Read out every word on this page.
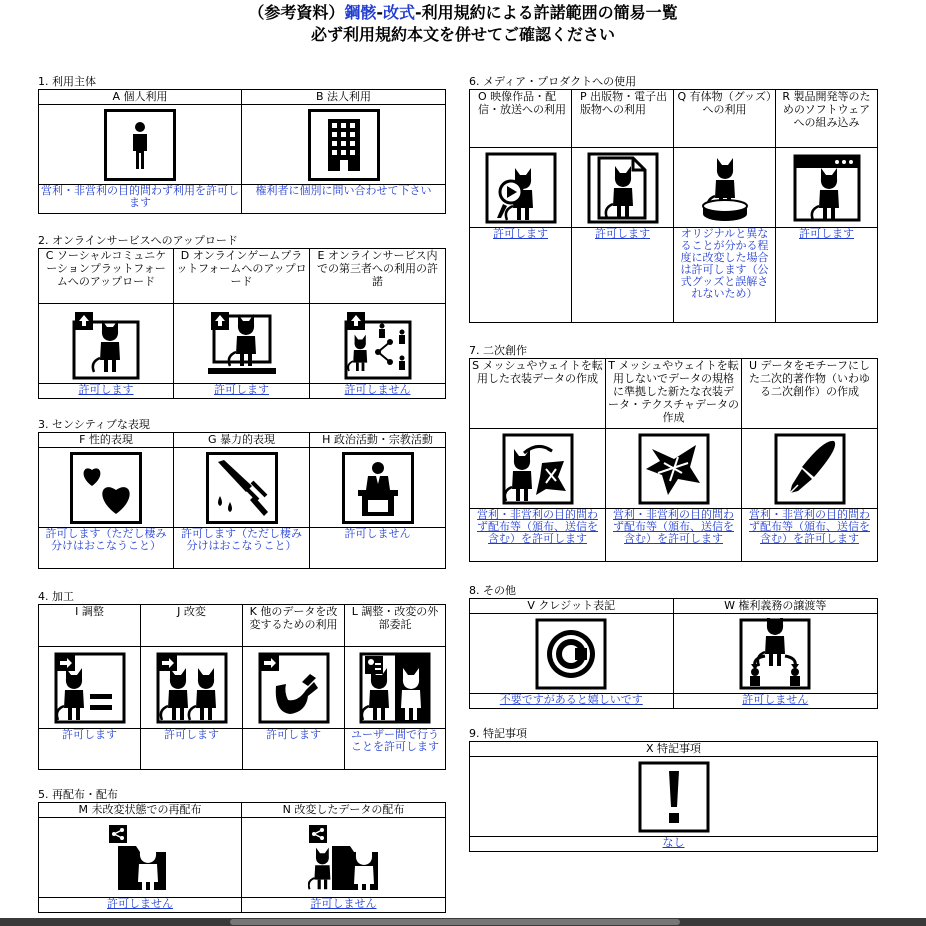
（参考資料）鋼骸-改式-利用規約による許諾範囲の簡易一覧
必ず利用規約本文を併せてご確認ください
1. 利用主体
A 個人利用
営利・非営利の目的問わず利用を許可します
B 法人利用
権利者に個別に問い合わせて下さい
2. オンラインサービスへのアップロード
C ソーシャルコミュニケーションプラットフォームへのアップロード
許可します
D オンラインゲームプラットフォームへのアップロード
許可します
E オンラインサービス内での第三者への利用の許諾
許可しません
3. センシティブな表現
F 性的表現
許可します（ただし棲み分けはおこなうこと）
G 暴力的表現
許可します（ただし棲み分けはおこなうこと）
H 政治活動・宗教活動
許可しません
4. 加工
I 調整
許可します
J 改変
許可します
K 他のデータを改変するための利用
許可します
L 調整・改変の外部委託
ユーザー間で行うことを許可します
5. 再配布・配布
M 未改変状態での再配布
許可しません
N 改変したデータの配布
許可しません
6. メディア・プロダクトへの使用
O 映像作品・配信・放送への利用
許可します
P 出版物・電子出版物への利用
許可します
Q 有体物（グッズ）への利用
オリジナルと異なることが分かる程度に改変した場合は許可します（公式グッズと誤解されないため）
R 製品開発等のためのソフトウェアへの組み込み
許可します
7. 二次創作
S メッシュやウェイトを転用した衣装データの作成
営利・非営利の目的問わず配布等（頒布、送信を含む）を許可します
T メッシュやウェイトを転用しないでデータの規格に準拠した新たな衣装データ・テクスチャデータの作成
営利・非営利の目的問わず配布等（頒布、送信を含む）を許可します
U データをモチーフにした二次的著作物（いわゆる二次創作）の作成
営利・非営利の目的問わず配布等（頒布、送信を含む）を許可します
8. その他
V クレジット表記
不要ですがあると嬉しいです
W 権利義務の譲渡等
許可しません
9. 特記事項
X 特記事項
なし
